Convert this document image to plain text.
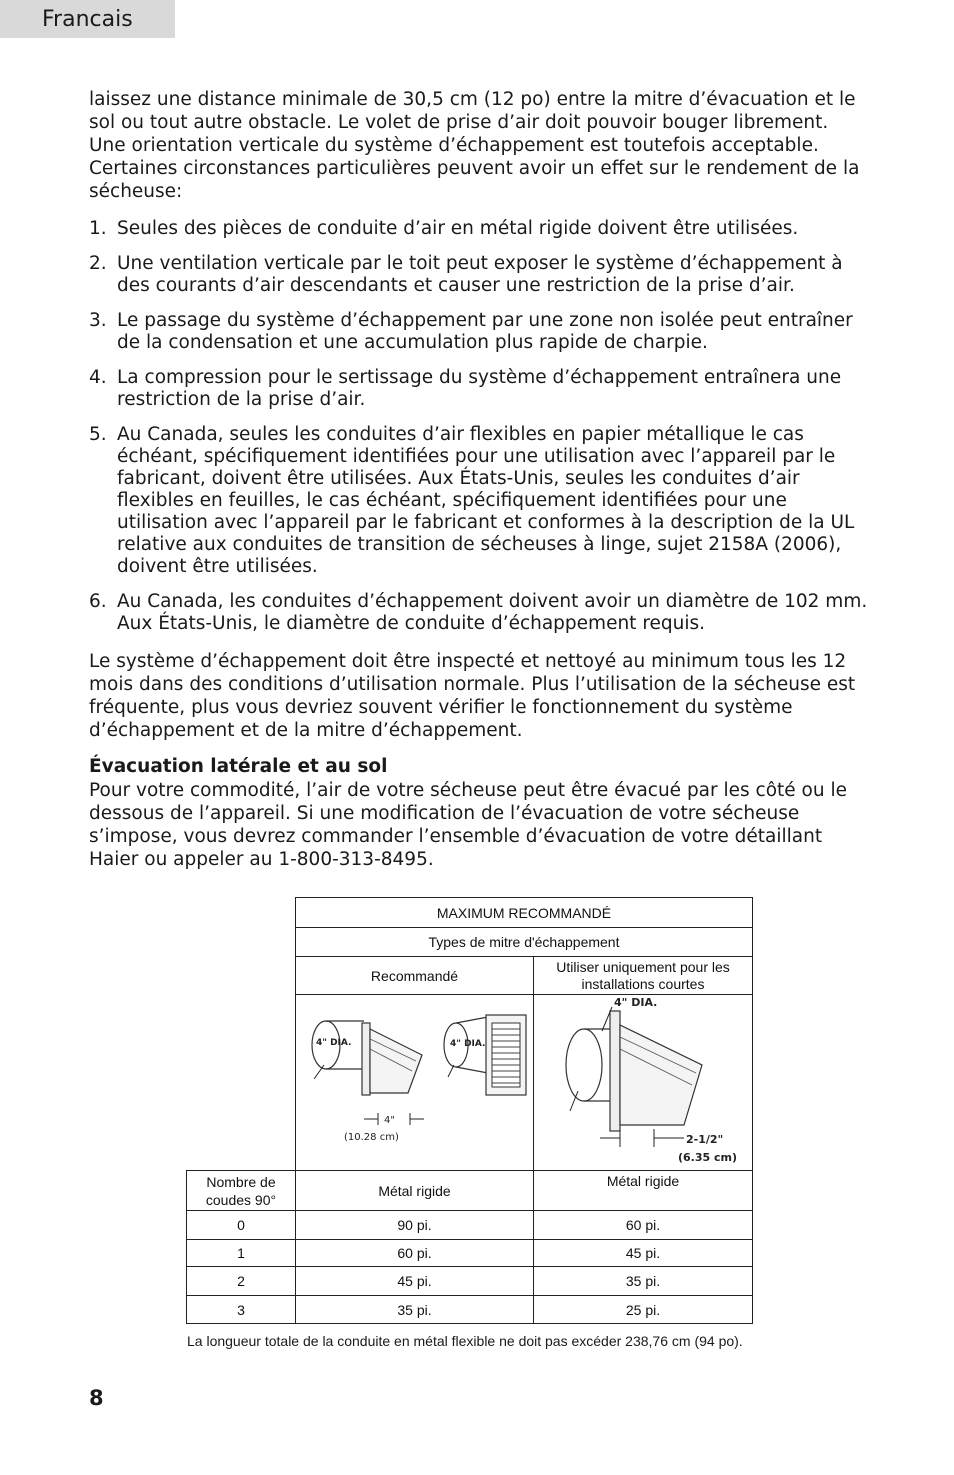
Francais
laissez une distance minimale de 30,5 cm (12 po) entre la mitre d’évacuation et le sol ou tout autre obstacle. Le volet de prise d’air doit pouvoir bouger librement. Une orientation verticale du système d’échappement est toutefois acceptable. Certaines circonstances particulières peuvent avoir un effet sur le rendement de la sécheuse:
1. Seules des pièces de conduite d’air en métal rigide doivent être utilisées.
2. Une ventilation verticale par le toit peut exposer le système d’échappement à des courants d’air descendants et causer une restriction de la prise d’air.
3. Le passage du système d’échappement par une zone non isolée peut entraîner de la condensation et une accumulation plus rapide de charpie.
4. La compression pour le sertissage du système d’échappement entraînera une restriction de la prise d’air.
5. Au Canada, seules les conduites d’air flexibles en papier métallique le cas échéant, spécifiquement identifiées pour une utilisation avec l’appareil par le fabricant, doivent être utilisées. Aux États-Unis, seules les conduites d’air flexibles en feuilles, le cas échéant, spécifiquement identifiées pour une utilisation avec l’appareil par le fabricant et conformes à la description de la UL relative aux conduites de transition de sécheuses à linge, sujet 2158A (2006), doivent être utilisées.
6. Au Canada, les conduites d’échappement doivent avoir un diamètre de 102 mm. Aux États-Unis, le diamètre de conduite d’échappement requis.
Le système d’échappement doit être inspecté et nettoyé au minimum tous les 12 mois dans des conditions d’utilisation normale. Plus l’utilisation de la sécheuse est fréquente, plus vous devriez souvent vérifier le fonctionnement du système d’échappement et de la mitre d’échappement.
Évacuation latérale et au sol
Pour votre commodité, l’air de votre sécheuse peut être évacué par les côté ou le dessous de l’appareil. Si une modification de l’évacuation de votre sécheuse s’impose, vous devrez commander l’ensemble d’évacuation de votre détaillant Haier ou appeler au 1-800-313-8495.
	MAXIMUM RECOMMANDÉ	
	Types de mitre d'échappement	
	Recommandé	Utiliser uniquement pour les installations courtes

4" DIA.
4"
(10.28 cm)
4" DIA.	4" DIA.
2-1/2"
(6.35 cm)

Nombre de coudes 90°	Métal rigide	Métal rigide
0	90 pi.	60 pi.
1	60 pi.	45 pi.
2	45 pi.	35 pi.
3	35 pi.	25 pi.
La longueur totale de la conduite en métal flexible ne doit pas excéder 238,76 cm (94 po).
8
